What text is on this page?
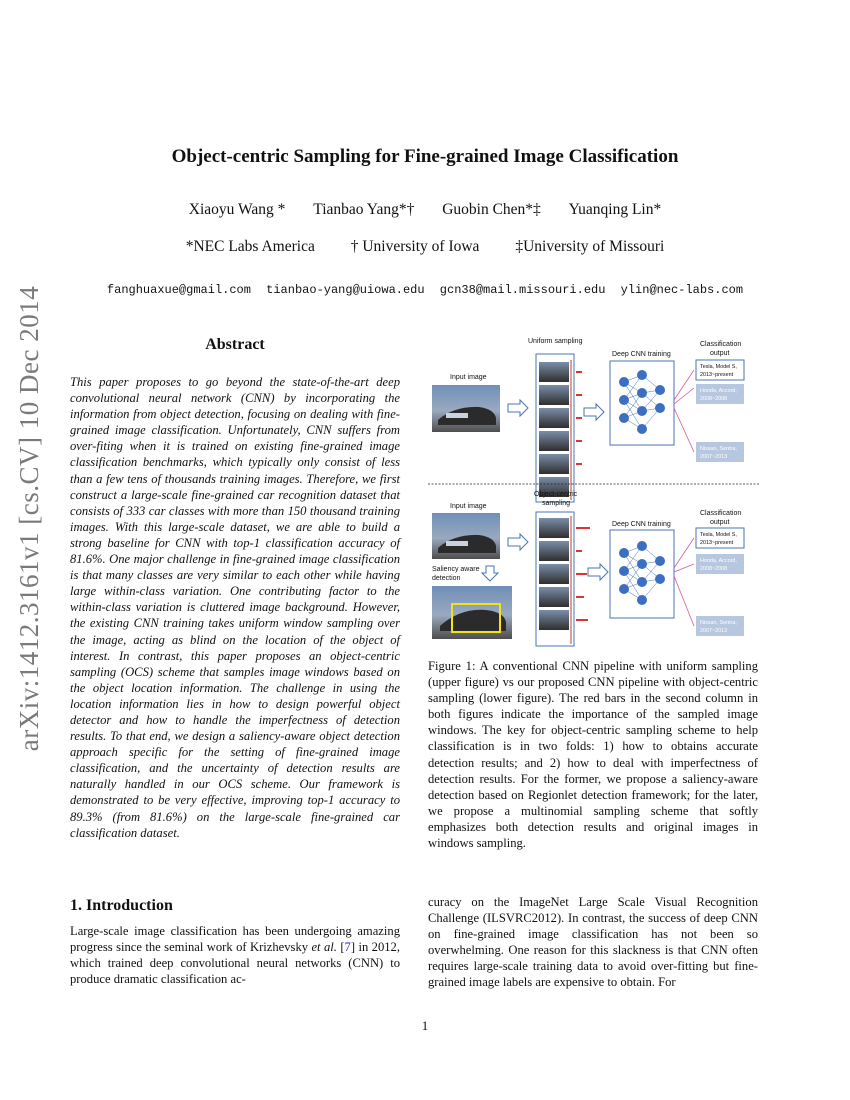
arXiv:1412.3161v1 [cs.CV] 10 Dec 2014
Object-centric Sampling for Fine-grained Image Classification
Xiaoyu Wang * Tianbao Yang*† Guobin Chen*‡ Yuanqing Lin*
*NEC Labs America † University of Iowa ‡University of Missouri
fanghuaxue@gmail.com tianbao-yang@uiowa.edu gcn38@mail.missouri.edu ylin@nec-labs.com
Abstract

This paper proposes to go beyond the state-of-the-art deep convolutional neural network (CNN) by incorporating the information from object detection, focusing on dealing with fine-grained image classification. Unfortunately, CNN suffers from over-fiting when it is trained on existing fine-grained image classification benchmarks, which typically only consist of less than a few tens of thousands training images. Therefore, we first construct a large-scale fine-grained car recognition dataset that consists of 333 car classes with more than 150 thousand training images. With this large-scale dataset, we are able to build a strong baseline for CNN with top-1 classification accuracy of 81.6%. One major challenge in fine-grained image classification is that many classes are very similar to each other while having large within-class variation. One contributing factor to the within-class variation is cluttered image background. However, the existing CNN training takes uniform window sampling over the image, acting as blind on the location of the object of interest. In contrast, this paper proposes an object-centric sampling (OCS) scheme that samples image windows based on the object location information. The challenge in using the location information lies in how to design powerful object detector and how to handle the imperfectness of detection results. To that end, we design a saliency-aware object detection approach specific for the setting of fine-grained image classification, and the uncertainty of detection results are naturally handled in our OCS scheme. Our framework is demonstrated to be very effective, improving top-1 accuracy to 89.3% (from 81.6%) on the large-scale fine-grained car classification dataset.

Input image
Uniform sampling
Deep CNN training
Classification
output
Tesla, Model S,
2013~present
Honda, Accord,
2008~2008
Nissan, Sentra,
2007~2013
Input image
Saliency aware
detection
Object-centric
sampling
Deep CNN training
Classification
output
Tesla, Model S,
2013~present
Honda, Accord,
2008~2008
Nissan, Sentra,
2007~2013

Figure 1: A conventional CNN pipeline with uniform sampling (upper figure) vs our proposed CNN pipeline with object-centric sampling (lower figure). The red bars in the second column in both figures indicate the importance of the sampled image windows. The key for object-centric sampling scheme to help classification is in two folds: 1) how to obtains accurate detection results; and 2) how to deal with imperfectness of detection results. For the former, we propose a saliency-aware detection based on Regionlet detection framework; for the later, we propose a multinomial sampling scheme that softly emphasizes both detection results and original images in windows sampling.

1. Introduction

Large-scale image classification has been undergoing amazing progress since the seminal work of Krizhevsky et al. [7] in 2012, which trained deep convolutional neural networks (CNN) to produce dramatic classification ac-

curacy on the ImageNet Large Scale Visual Recognition Challenge (ILSVRC2012). In contrast, the success of deep CNN on fine-grained image classification has not been so overwhelming. One reason for this slackness is that CNN often requires large-scale training data to avoid over-fitting but fine-grained image labels are expensive to obtain. For

1
